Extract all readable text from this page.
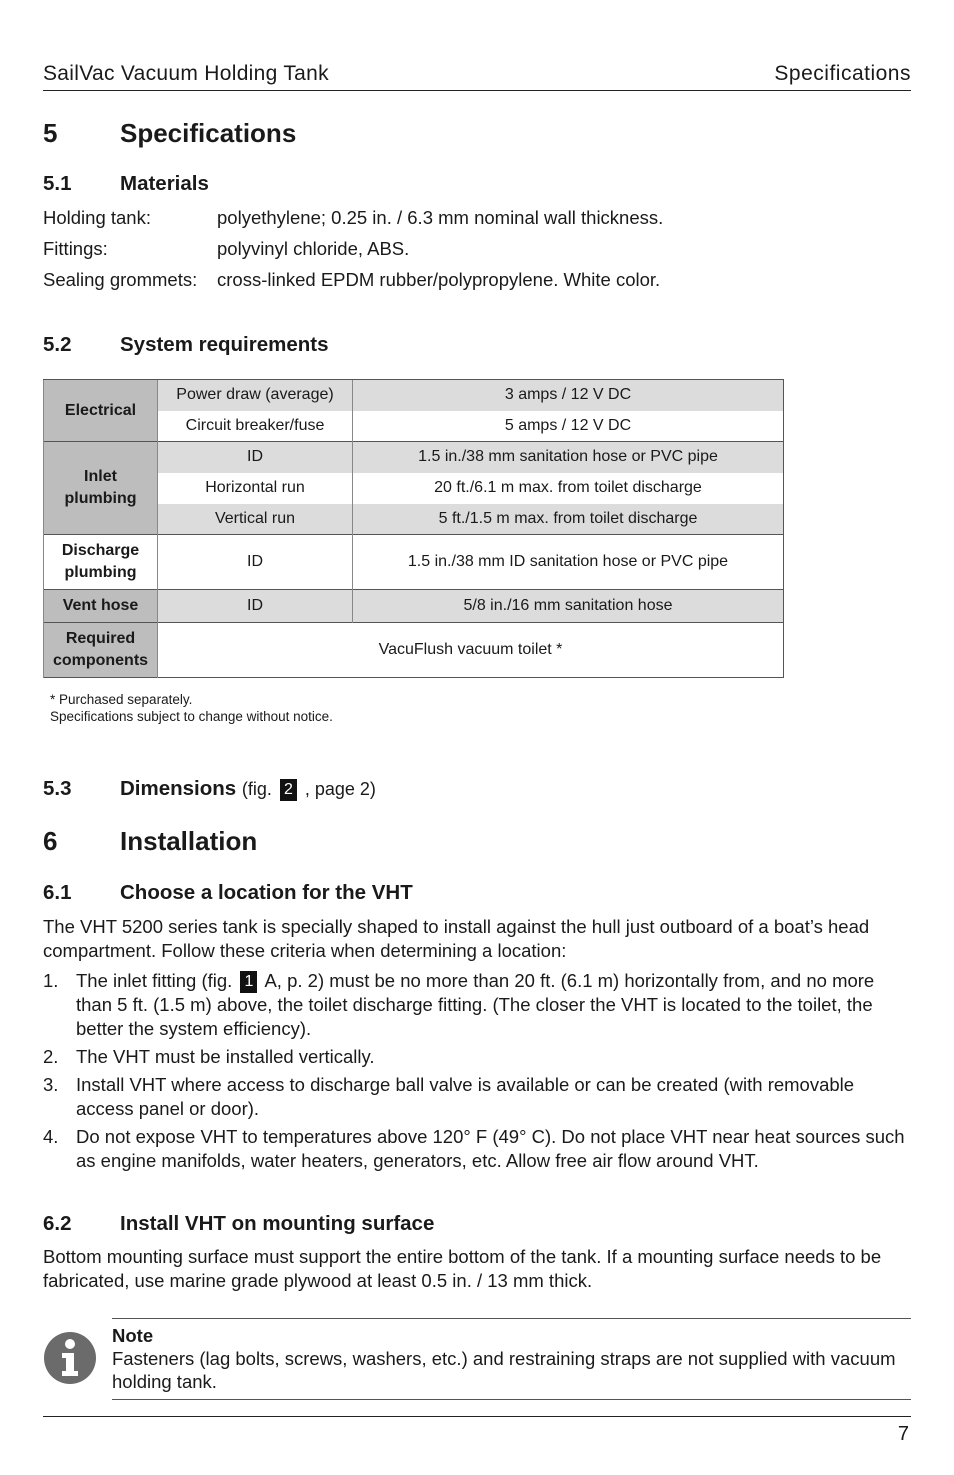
SailVac Vacuum Holding Tank	Specifications
5 Specifications
5.1 Materials
Holding tank:	polyethylene; 0.25 in. / 6.3 mm nominal wall thickness.
Fittings:	polyvinyl chloride, ABS.
Sealing grommets: cross-linked EPDM rubber/polypropylene. White color.
5.2 System requirements
Electrical	Power draw (average)	3 amps / 12 V DC
	Circuit breaker/fuse	5 amps / 12 V DC
Inlet plumbing	ID	1.5 in./38 mm sanitation hose or PVC pipe
	Horizontal run	20 ft./6.1 m max. from toilet discharge
	Vertical run	5 ft./1.5 m max. from toilet discharge
Discharge plumbing	ID	1.5 in./38 mm ID sanitation hose or PVC pipe
Vent hose	ID	5/8 in./16 mm sanitation hose
Required components	VacuFlush vacuum toilet *	
* Purchased separately.
Specifications subject to change without notice.
5.3 Dimensions (fig. 2 , page 2)
6 Installation
6.1 Choose a location for the VHT
The VHT 5200 series tank is specially shaped to install against the hull just outboard of a boat’s head compartment. Follow these criteria when determining a location:
1. The inlet fitting (fig. 1 A, p. 2) must be no more than 20 ft. (6.1 m) horizontally from, and no more than 5 ft. (1.5 m) above, the toilet discharge fitting. (The closer the VHT is located to the toilet, the better the system efficiency).
2. The VHT must be installed vertically.
3. Install VHT where access to discharge ball valve is available or can be created (with removable access panel or door).
4. Do not expose VHT to temperatures above 120° F (49° C). Do not place VHT near heat sources such as engine manifolds, water heaters, generators, etc. Allow free air flow around VHT.
6.2 Install VHT on mounting surface
Bottom mounting surface must support the entire bottom of the tank. If a mounting surface needs to be fabricated, use marine grade plywood at least 0.5 in. / 13 mm thick.
Note
Fasteners (lag bolts, screws, washers, etc.) and restraining straps are not supplied with vacuum holding tank.
7
